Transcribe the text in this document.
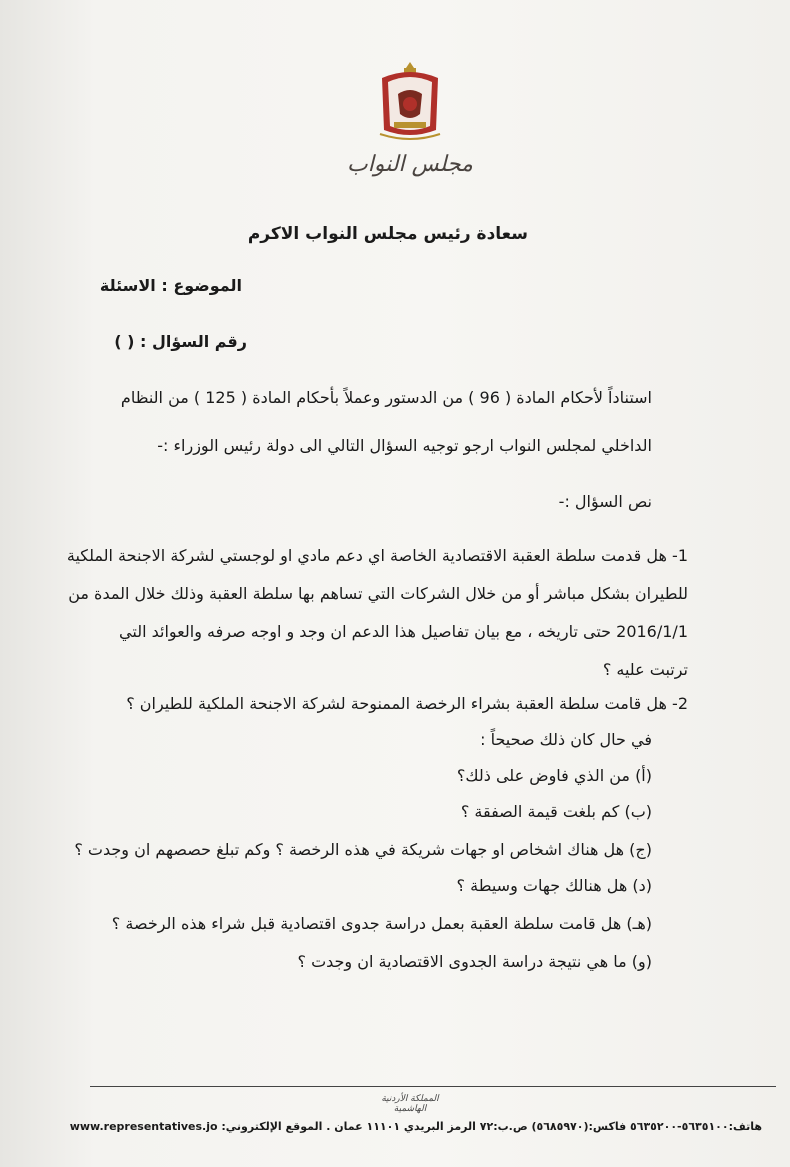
مجلس النواب
سعادة رئيس مجلس النواب الاكرم
الموضوع : الاسئلة
رقم السؤال : ( )
استناداً لأحكام المادة ( 96 ) من الدستور وعملاً بأحكام المادة ( 125 ) من النظام
الداخلي لمجلس النواب ارجو توجيه السؤال التالي الى دولة رئيس الوزراء :-
نص السؤال :-
1- هل قدمت سلطة العقبة الاقتصادية الخاصة اي دعم مادي او لوجستي لشركة الاجنحة الملكية
للطيران بشكل مباشر أو من خلال الشركات التي تساهم بها سلطة العقبة وذلك خلال المدة من
2016/1/1 حتى تاريخه ، مع بيان تفاصيل هذا الدعم ان وجد و اوجه صرفه والعوائد التي
ترتبت عليه ؟
2- هل قامت سلطة العقبة بشراء الرخصة الممنوحة لشركة الاجنحة الملكية للطيران ؟
في حال كان ذلك صحيحاً :
(أ) من الذي فاوض على ذلك؟
(ب) كم بلغت قيمة الصفقة ؟
(ج) هل هناك اشخاص او جهات شريكة في هذه الرخصة ؟ وكم تبلغ حصصهم ان وجدت ؟
(د) هل هنالك جهات وسيطة ؟
(هـ) هل قامت سلطة العقبة بعمل دراسة جدوى اقتصادية قبل شراء هذه الرخصة ؟
(و) ما هي نتيجة دراسة الجدوى الاقتصادية ان وجدت ؟
المملكة الأردنية الهاشمية
هاتف:٥٦٣٥١٠٠-٥٦٣٥٢٠٠ فاكس:(٥٦٨٥٩٧٠) ص.ب:٧٢ الرمز البريدي ١١١٠١ عمان . الموقع الإلكتروني: www.representatives.jo
